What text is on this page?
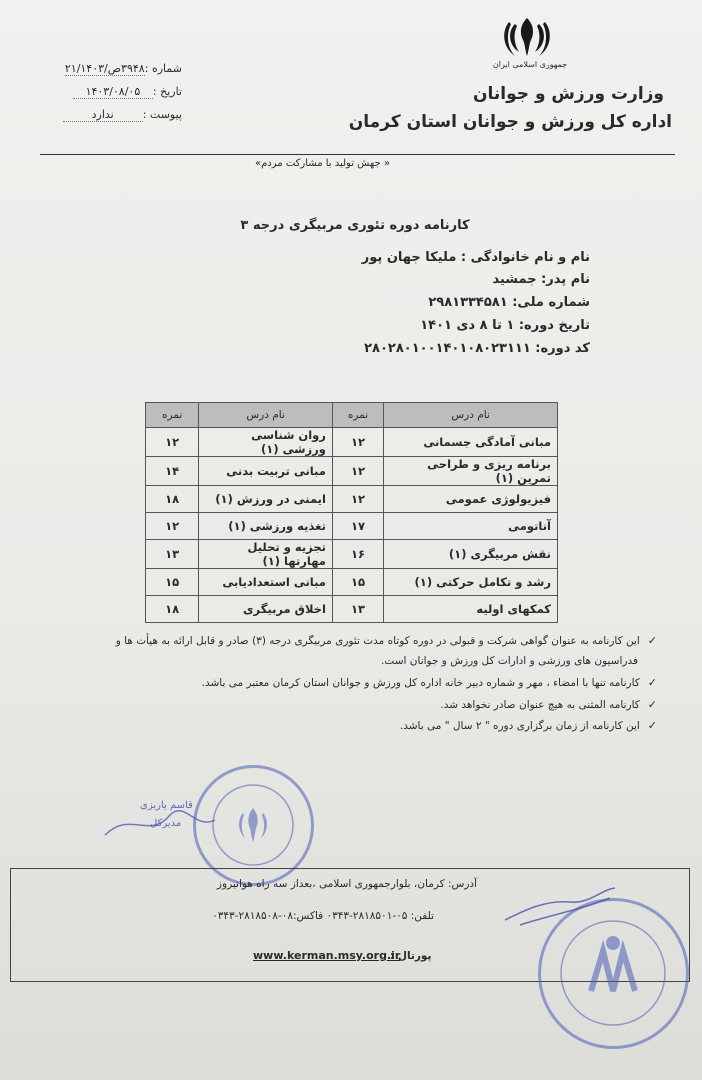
جمهوری اسلامی ایران
وزارت ورزش و جوانان
اداره کل ورزش و جوانان استان کرمان
شماره :۳۹۴۸ص/۲۱/۱۴۰۳
تاریخ :۱۴۰۳/۰۸/۰۵
پیوست :ندارد
« جهش تولید با مشارکت مردم»
کارنامه دوره تئوری مربیگری درجه ۳
نام و نام خانوادگی : ملیکا جهان پور
نام پدر: جمشید
شماره ملی: ۲۹۸۱۳۳۴۵۸۱
تاریخ دوره: ۱ تا ۸ دی ۱۴۰۱
کد دوره: ۲۸۰۲۸۰۱۰۰۱۴۰۱۰۸۰۲۳۱۱۱
نام درس	نمره	نام درس	نمره
مبانی آمادگی جسمانی	۱۲	روان شناسی ورزشی (۱)	۱۲
برنامه ریزی و طراحی تمرین (۱)	۱۲	مبانی تربیت بدنی	۱۴
فیزیولوژی عمومی	۱۲	ایمنی در ورزش (۱)	۱۸
آناتومی	۱۷	تغذیه ورزشی (۱)	۱۲
نقش مربیگری (۱)	۱۶	تجزیه و تحلیل مهارتها (۱)	۱۳
رشد و تکامل حرکتی (۱)	۱۵	مبانی استعدادیابی	۱۵
کمکهای اولیه	۱۳	اخلاق مربیگری	۱۸
✓این کارنامه به عنوان گواهی شرکت و قبولی در دوره کوتاه مدت تئوری مربیگری درجه (۳) صادر و قابل ارائه به هیأت ها و
فدراسیون های ورزشی و ادارات کل ورزش و جوانان است.
✓کارنامه تنها با امضاء ، مهر و شماره دبیر خانه اداره کل ورزش و جوانان استان کرمان معتبر می باشد.
✓کارنامه المثنی به هیچ عنوان صادر نخواهد شد.
✓این کارنامه از زمان برگزاری دوره " ۲ سال " می باشد.
قاسم یاربزی
مدیرکل
آدرس: کرمان، بلوارجمهوری اسلامی ،بعداز سه راه هوانیروز
تلفن: ۰۵-۲۸۱۸۵۰۱-۰۳۴۳ فاکس:۰۸-۲۸۱۸۵۰۸-۰۳۴۳
پورتال :
www.kerman.msy.org.ir
